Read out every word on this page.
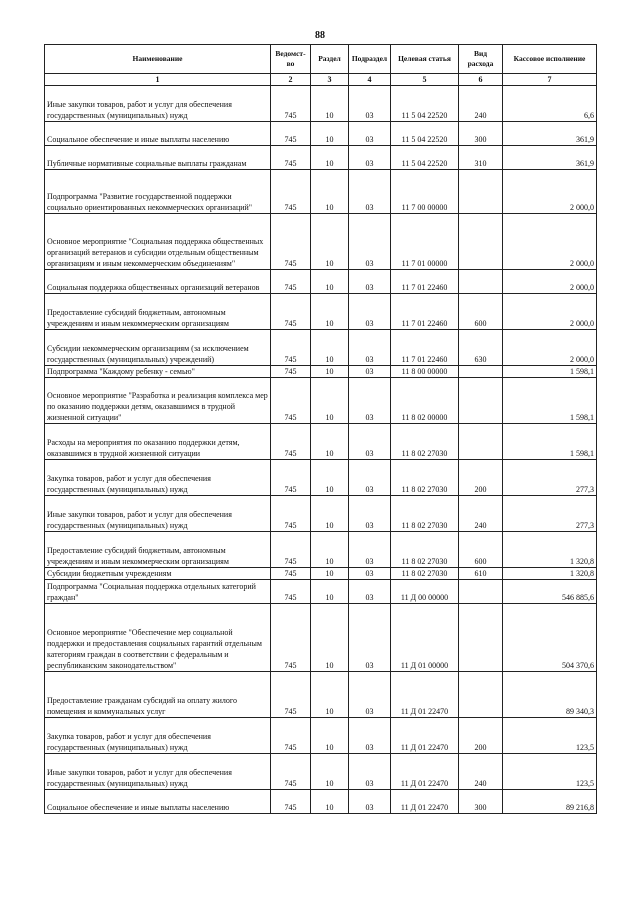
88
Наименование	Ведомст-во	Раздел	Подраздел	Целевая статья	Вид расхода	Кассовое исполнение
1	2	3	4	5	6	7
Иные закупки товаров, работ и услуг для обеспечения государственных (муниципальных) нужд	745	10	03	11 5 04 22520	240	6,6
Социальное обеспечение и иные выплаты населению	745	10	03	11 5 04 22520	300	361,9
Публичные нормативные социальные выплаты гражданам	745	10	03	11 5 04 22520	310	361,9
Подпрограмма "Развитие государственной поддержки социально ориентированных некоммерческих организаций"	745	10	03	11 7 00 00000		2 000,0
Основное мероприятие "Социальная поддержка общественных организаций ветеранов и субсидии отдельным общественным организациям и иным некоммерческим объединениям"	745	10	03	11 7 01 00000		2 000,0
Социальная поддержка общественных организаций ветеранов	745	10	03	11 7 01 22460		2 000,0
Предоставление субсидий бюджетным, автономным учреждениям и иным некоммерческим организациям	745	10	03	11 7 01 22460	600	2 000,0
Субсидии некоммерческим организациям (за исключением государственных (муниципальных) учреждений)	745	10	03	11 7 01 22460	630	2 000,0
Подпрограмма "Каждому ребенку - семью"	745	10	03	11 8 00 00000		1 598,1
Основное мероприятие "Разработка и реализация комплекса мер по оказанию поддержки детям, оказавшимся в трудной жизненной ситуации"	745	10	03	11 8 02 00000		1 598,1
Расходы на мероприятия по оказанию поддержки детям, оказавшимся в трудной жизненной ситуации	745	10	03	11 8 02 27030		1 598,1
Закупка товаров, работ и услуг для обеспечения государственных (муниципальных) нужд	745	10	03	11 8 02 27030	200	277,3
Иные закупки товаров, работ и услуг для обеспечения государственных (муниципальных) нужд	745	10	03	11 8 02 27030	240	277,3
Предоставление субсидий бюджетным, автономным учреждениям и иным некоммерческим организациям	745	10	03	11 8 02 27030	600	1 320,8
Субсидии бюджетным учреждениям	745	10	03	11 8 02 27030	610	1 320,8
Подпрограмма "Социальная поддержка отдельных категорий граждан"	745	10	03	11 Д 00 00000		546 885,6
Основное мероприятие "Обеспечение мер социальной поддержки и предоставления социальных гарантий отдельным категориям граждан в соответствии с федеральным и республиканским законодательством"	745	10	03	11 Д 01 00000		504 370,6
Предоставление гражданам субсидий на оплату жилого помещения и коммунальных услуг	745	10	03	11 Д 01 22470		89 340,3
Закупка товаров, работ и услуг для обеспечения государственных (муниципальных) нужд	745	10	03	11 Д 01 22470	200	123,5
Иные закупки товаров, работ и услуг для обеспечения государственных (муниципальных) нужд	745	10	03	11 Д 01 22470	240	123,5
Социальное обеспечение и иные выплаты населению	745	10	03	11 Д 01 22470	300	89 216,8
